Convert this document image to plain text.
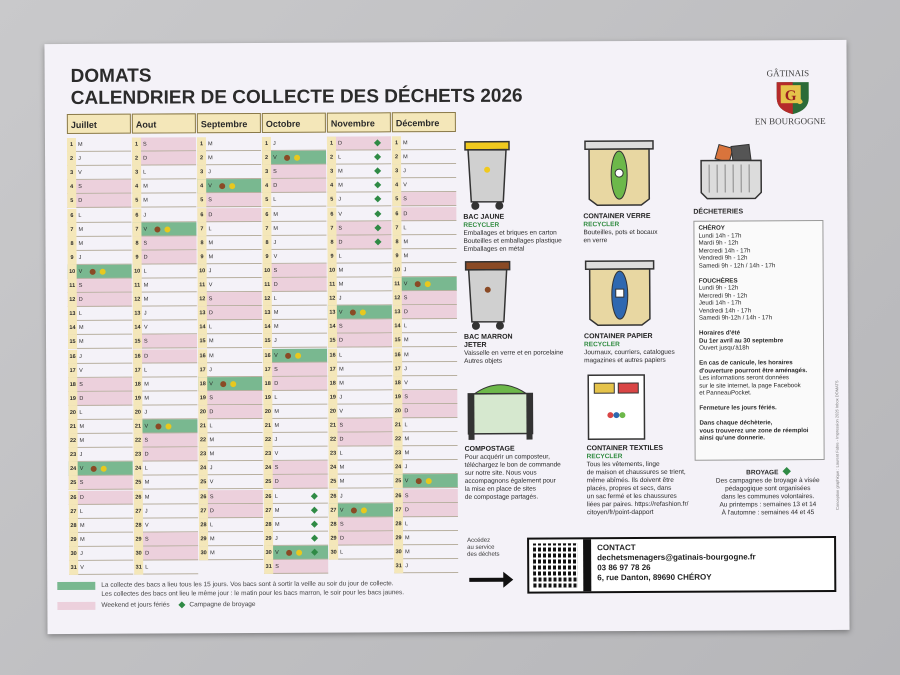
DOMATS
CALENDRIER DE COLLECTE DES DÉCHETS 2026
GÂTINAIS
G
EN BOURGOGNE
Juillet
1 M
2 J
3 V
4 S
5 D
6 L
7 M
8 M
9 J
10 V
11 S
12 D
13 L
14 M
15 M
16 J
17 V
18 S
19 D
20 L
21 M
22 M
23 J
24 V
25 S
26 D
27 L
28 M
29 M
30 J
31 V
Aout
1 S
2 D
3 L
4 M
5 M
6 J
7 V
8 S
9 D
10 L
11 M
12 M
13 J
14 V
15 S
16 D
17 L
18 M
19 M
20 J
21 V
22 S
23 D
24 L
25 M
26 M
27 J
28 V
29 S
30 D
31 L
Septembre
1 M
2 M
3 J
4 V
5 S
6 D
7 L
8 M
9 M
10 J
11 V
12 S
13 D
14 L
15 M
16 M
17 J
18 V
19 S
20 D
21 L
22 M
23 M
24 J
25 V
26 S
27 D
28 L
29 M
30 M
Octobre
1 J
2 V
3 S
4 D
5 L
6 M
7 M
8 J
9 V
10 S
11 D
12 L
13 M
14 M
15 J
16 V
17 S
18 D
19 L
20 M
21 M
22 J
23 V
24 S
25 D
26 L
27 M
28 M
29 J
30 V
31 S
Novembre
1 D
2 L
3 M
4 M
5 J
6 V
7 S
8 D
9 L
10 M
11 M
12 J
13 V
14 S
15 D
16 L
17 M
18 M
19 J
20 V
21 S
22 D
23 L
24 M
25 M
26 J
27 V
28 S
29 D
30 L
Décembre
1 M
2 M
3 J
4 V
5 S
6 D
7 L
8 M
9 M
10 J
11 V
12 S
13 D
14 L
15 M
16 M
17 J
18 V
19 S
20 D
21 L
22 M
23 M
24 J
25 V
26 S
27 D
28 L
29 M
30 M
31 J
BAC JAUNE
RECYCLER
Emballages et briques en carton
Bouteilles et emballages plastique
Emballages en métal
CONTAINER VERRE
RECYCLER
Bouteilles, pots et bocaux
en verre
BAC MARRON
JETER
Vaisselle en verre et en porcelaine
Autres objets
CONTAINER PAPIER
RECYCLER
Journaux, courriers, catalogues
magazines et autres papiers
COMPOSTAGE
Pour acquérir un composteur,
téléchargez le bon de commande
sur notre site. Nous vous
accompagnons également pour
la mise en place de sites
de compostage partagés.
CONTAINER TEXTILES
RECYCLER
Tous les vêtements, linge
de maison et chaussures se trient,
même abîmés. Ils doivent être
placés, propres et secs, dans
un sac fermé et les chaussures
liées par paires. https://refashion.fr/
citoyen/fr/point-dapport
DÉCHETERIES
CHÉROY
Lundi 14h - 17h
Mardi 9h - 12h
Mercredi 14h - 17h
Vendredi 9h - 12h
Samedi 9h - 12h / 14h - 17h

FOUCHÈRES
Lundi 9h - 12h
Mercredi 9h - 12h
Jeudi 14h - 17h
Vendredi 14h - 17h
Samedi 9h-12h / 14h - 17h

Horaires d'été
Du 1er avril au 30 septembre
Ouvert jusqu'à18h

En cas de canicule, les horaires
d'ouverture pourront être aménagés.
Les informations seront données
sur le site internet, la page Facebook
et PanneauPocket.

Fermeture les jours fériés.

Dans chaque déchèterie,
vous trouverez une zone de réemploi
ainsi qu'une donnerie.
BROYAGE
Des campagnes de broyage à visée
pédagogique sont organisées
dans les communes volontaires.
Au printemps : semaines 13 et 14
À l'automne : semaines 44 et 45
Accédez
au service
des déchets
CONTACT
dechetsmenagers@gatinais-bourgogne.fr
03 86 97 78 26
6, rue Danton, 89690 CHÉROY
La collecte des bacs a lieu tous les 15 jours. Vos bacs sont à sortir la veille au soir du jour de collecte.
Les collectes des bacs ont lieu le même jour : le matin pour les bacs marron, le soir pour les bacs jaunes.
Weekend et jours fériés	Campagne de broyage
Conception graphique : Laurent Fabre - Impression 2026 Inbox DOMATS
